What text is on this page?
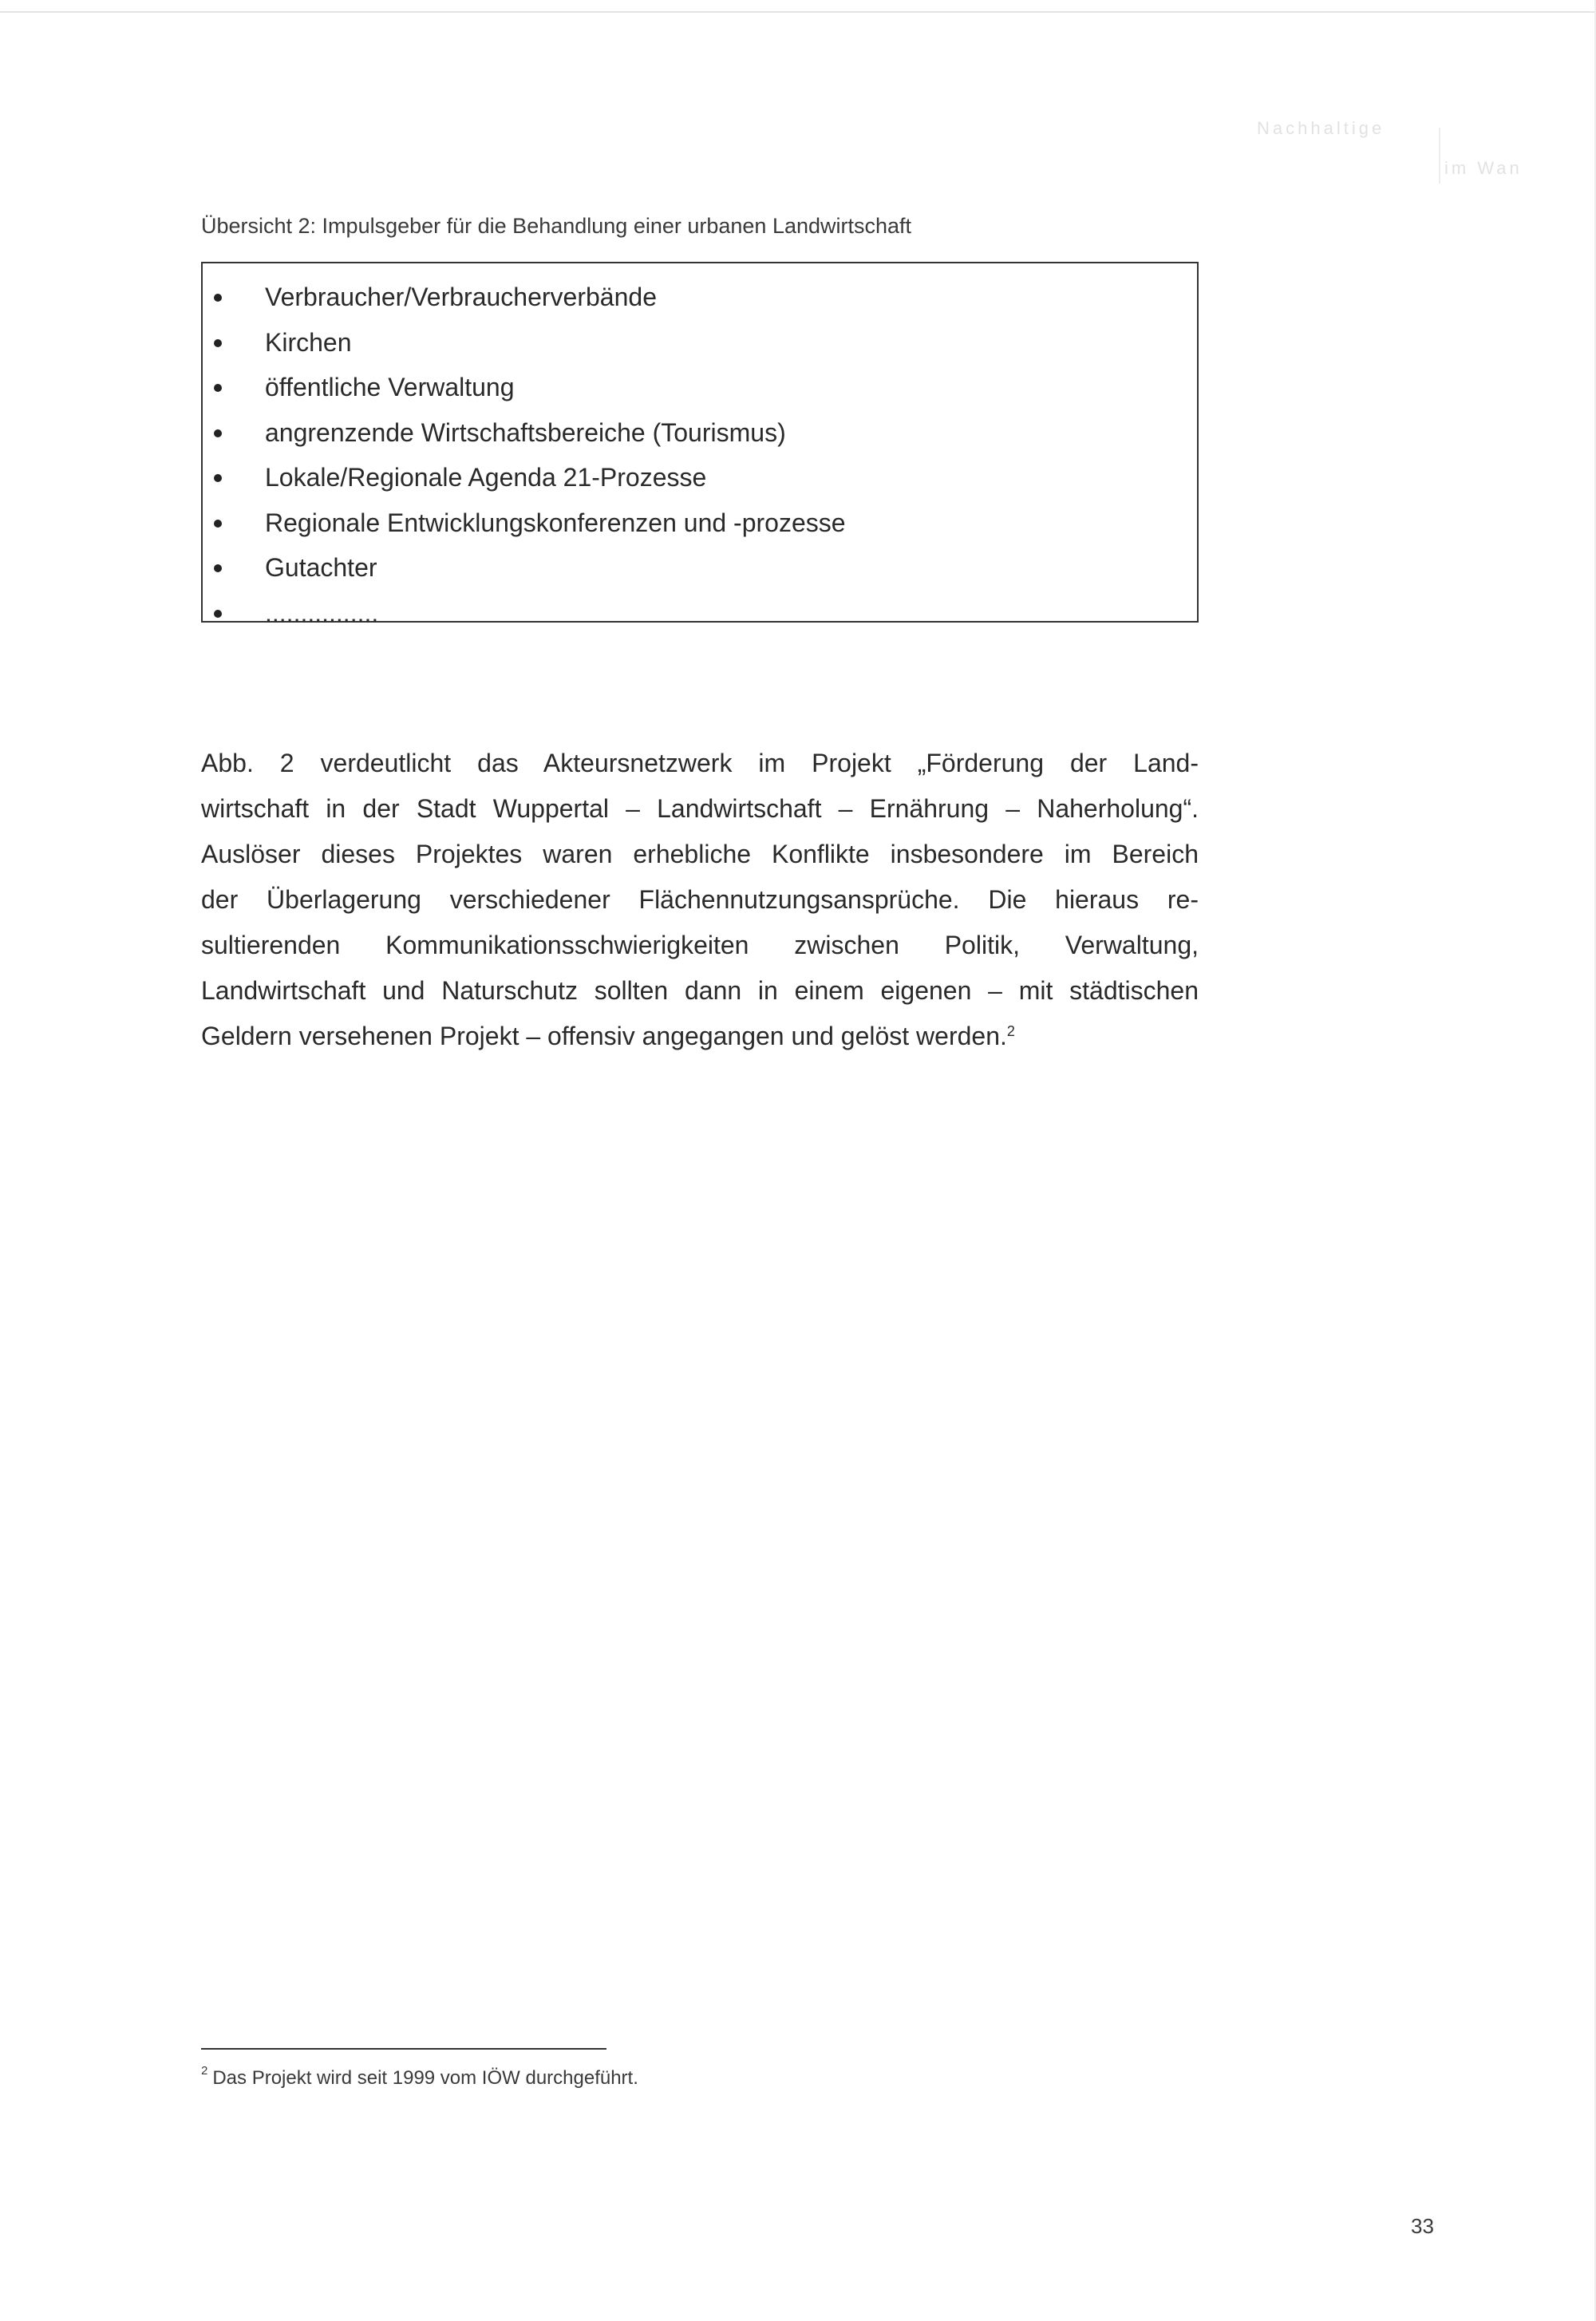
Nachhaltige
im Wan
Übersicht 2: Impulsgeber für die Behandlung einer urbanen Landwirtschaft
Verbraucher/Verbraucherverbände
Kirchen
öffentliche Verwaltung
angrenzende Wirtschaftsbereiche (Tourismus)
Lokale/Regionale Agenda 21-Prozesse
Regionale Entwicklungskonferenzen und -prozesse
Gutachter
................
Abb. 2 verdeutlicht das Akteursnetzwerk im Projekt „Förderung der Land-
wirtschaft in der Stadt Wuppertal – Landwirtschaft – Ernährung – Naherholung“.
Auslöser dieses Projektes waren erhebliche Konflikte insbesondere im Bereich
der Überlagerung verschiedener Flächennutzungsansprüche. Die hieraus re-
sultierenden Kommunikationsschwierigkeiten zwischen Politik, Verwaltung,
Landwirtschaft und Naturschutz sollten dann in einem eigenen – mit städtischen
Geldern versehenen Projekt – offensiv angegangen und gelöst werden.$^2$
$^2$ Das Projekt wird seit 1999 vom IÖW durchgeführt.
33
